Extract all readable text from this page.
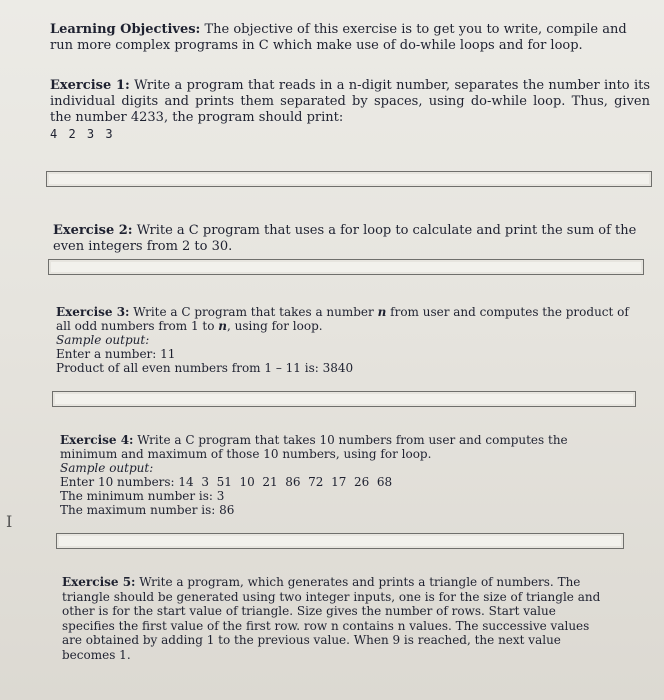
Learning Objectives: The objective of this exercise is to get you to write, compile and run more complex programs in C which make use of do-while loops and for loop.

Exercise 1: Write a program that reads in a n-digit number, separates the number into its individual digits and prints them separated by spaces, using do-while loop. Thus, given the number 4233, the program should print:

4 2 3 3

Exercise 2: Write a C program that uses a for loop to calculate and print the sum of the even integers from 2 to 30.

Exercise 3: Write a C program that takes a number n from user and computes the product of all odd numbers from 1 to n, using for loop.

Sample output:
Enter a number: 11
Product of all even numbers from 1 – 11 is: 3840

Exercise 4: Write a C program that takes 10 numbers from user and computes the minimum and maximum of those 10 numbers, using for loop.

Sample output:
Enter 10 numbers: 14  3  51  10  21  86  72  17  26  68
The minimum number is: 3
The maximum number is: 86

Exercise 5: Write a program, which generates and prints a triangle of numbers. The triangle should be generated using two integer inputs, one is for the size of triangle and other is for the start value of triangle. Size gives the number of rows. Start value specifies the first value of the first row. row n contains n values. The successive values are obtained by adding 1 to the previous value. When 9 is reached, the next value becomes 1.

I
